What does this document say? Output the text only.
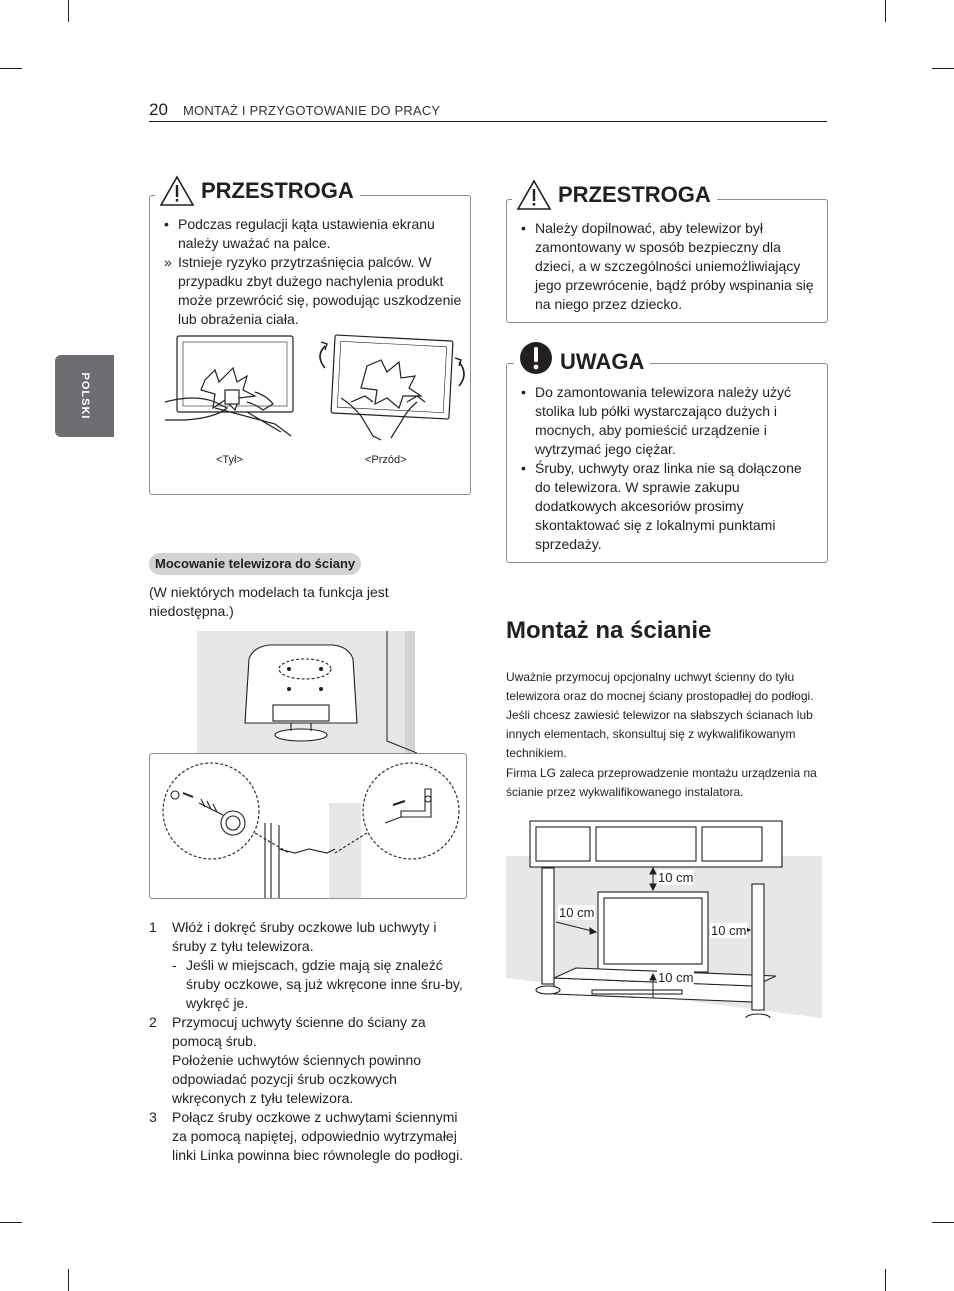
20 MONTAŻ I PRZYGOTOWANIE DO PRACY
POLSKI
• Podczas regulacji kąta ustawienia ekranu należy uważać na palce.
» Istnieje ryzyko przytrzaśnięcia palców. W przypadku zbyt dużego nachylenia produkt może przewrócić się, powodując uszkodzenie lub obrażenia ciała.
<Tył>	<Przód>
PRZESTROGA
• Należy dopilnować, aby telewizor był zamontowany w sposób bezpieczny dla dzieci, a w szczególności uniemożliwiający jego przewrócenie, bądź próby wspinania się na niego przez dziecko.
PRZESTROGA
• Do zamontowania telewizora należy użyć stolika lub półki wystarczająco dużych i mocnych, aby pomieścić urządzenie i wytrzymać jego ciężar.
• Śruby, uchwyty oraz linka nie są dołączone do telewizora. W sprawie zakupu dodatkowych akcesoriów prosimy skontaktować się z lokalnymi punktami sprzedaży.
UWAGA
Mocowanie telewizora do ściany
(W niektórych modelach ta funkcja jest niedostępna.)
1 Włóż i dokręć śruby oczkowe lub uchwyty i śruby z tyłu telewizora.
- Jeśli w miejscach, gdzie mają się znaleźć śruby oczkowe, są już wkręcone inne śru-by, wykręć je.
2 Przymocuj uchwyty ścienne do ściany za pomocą śrub.
Położenie uchwytów ściennych powinno odpowiadać pozycji śrub oczkowych wkręconych z tyłu telewizora.
3 Połącz śruby oczkowe z uchwytami ściennymi za pomocą napiętej, odpowiednio wytrzymałej linki Linka powinna biec równolegle do podłogi.
Montaż na ścianie
Uważnie przymocuj opcjonalny uchwyt ścienny do tyłu telewizora oraz do mocnej ściany prostopadłej do podłogi. Jeśli chcesz zawiesić telewizor na słabszych ścianach lub innych elementach, skonsultuj się z wykwalifikowanym technikiem.
Firma LG zaleca przeprowadzenie montażu urządzenia na ścianie przez wykwalifikowanego instalatora.
10 cm
10 cm
10 cm
10 cm
